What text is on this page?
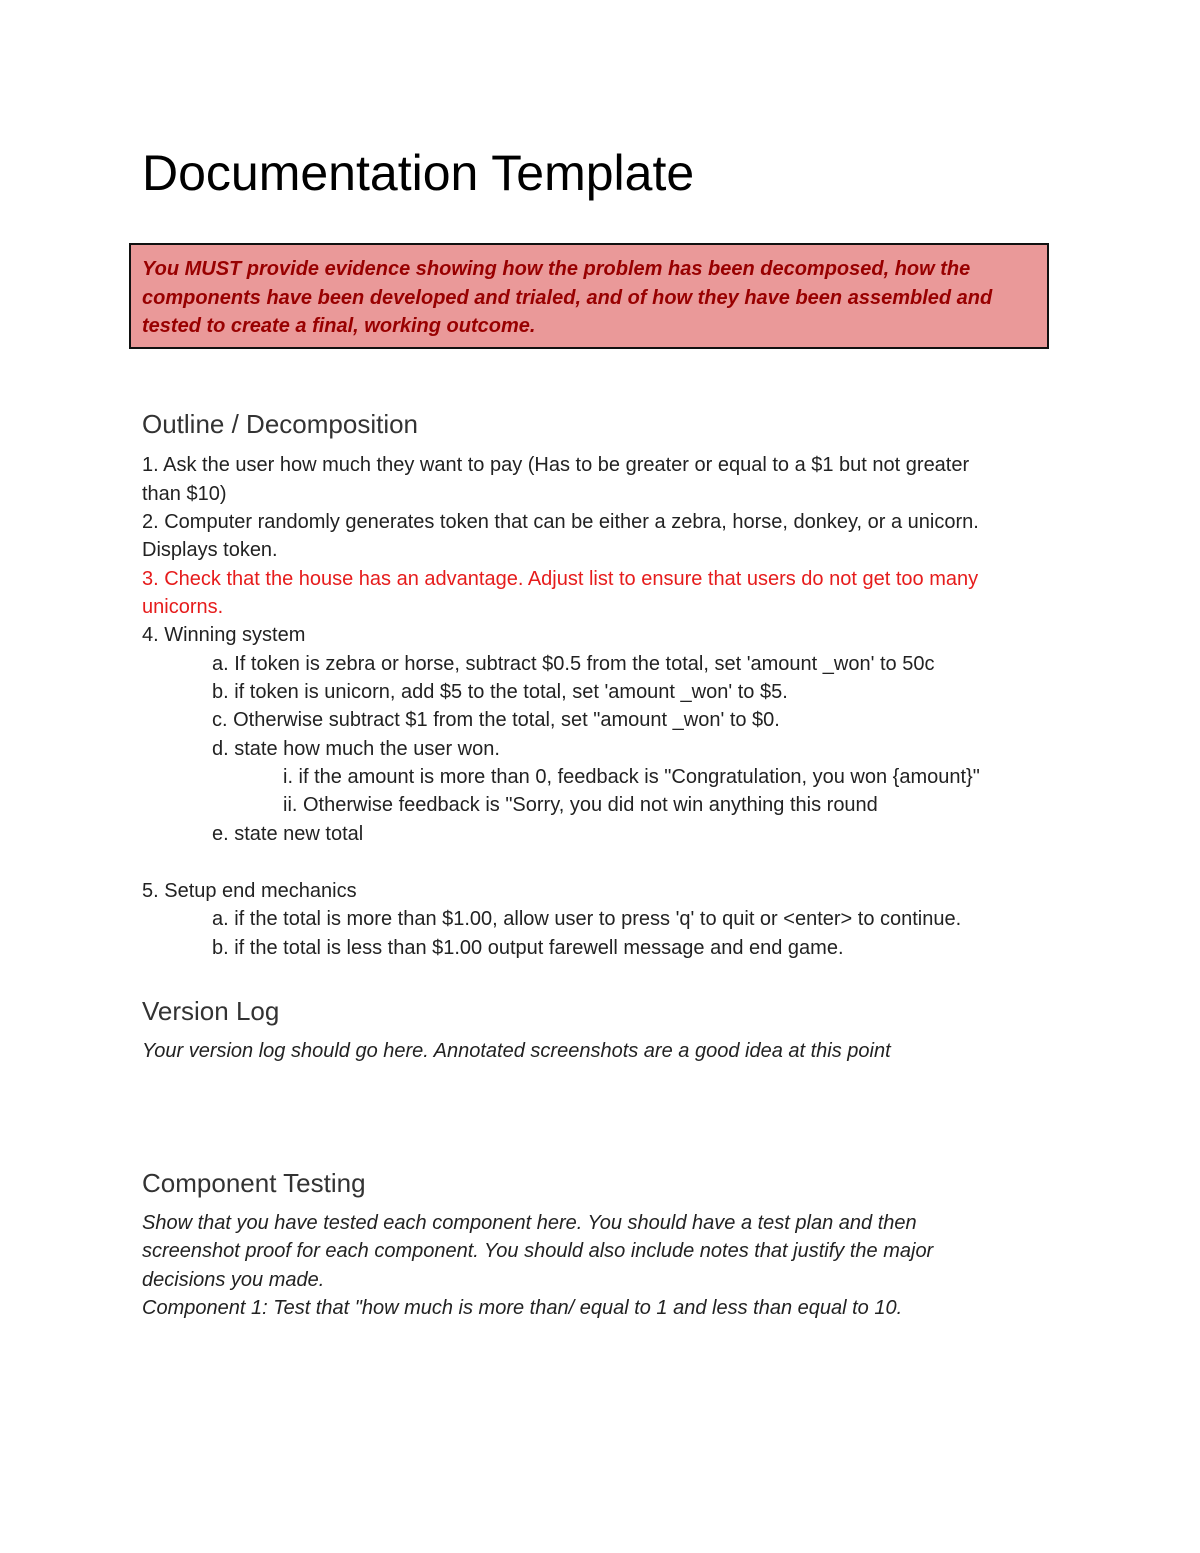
Documentation Template
You MUST provide evidence showing how the problem has been decomposed, how the components have been developed and trialed, and of how they have been assembled and tested to create a final, working outcome.
Outline / Decomposition

1. Ask the user how much they want to pay (Has to be greater or equal to a $1 but not greater

than $10)

2. Computer randomly generates token that can be either a zebra, horse, donkey, or a unicorn.

Displays token.

3. Check that the house has an advantage. Adjust list to ensure that users do not get too many

unicorns.

4. Winning system

a. If token is zebra or horse, subtract $0.5 from the total, set 'amount _won' to 50c

b. if token is unicorn, add $5 to the total, set 'amount _won' to $5.

c. Otherwise subtract $1 from the total, set "amount _won' to $0.

d. state how much the user won.

i. if the amount is more than 0, feedback is "Congratulation, you won {amount}"

ii. Otherwise feedback is "Sorry, you did not win anything this round

e. state new total

5. Setup end mechanics

a. if the total is more than $1.00, allow user to press 'q' to quit or <enter> to continue.

b. if the total is less than $1.00 output farewell message and end game.

Version Log

Your version log should go here. Annotated screenshots are a good idea at this point

Component Testing

Show that you have tested each component here. You should have a test plan and then

screenshot proof for each component. You should also include notes that justify the major

decisions you made.

Component 1: Test that "how much is more than/ equal to 1 and less than equal to 10.
